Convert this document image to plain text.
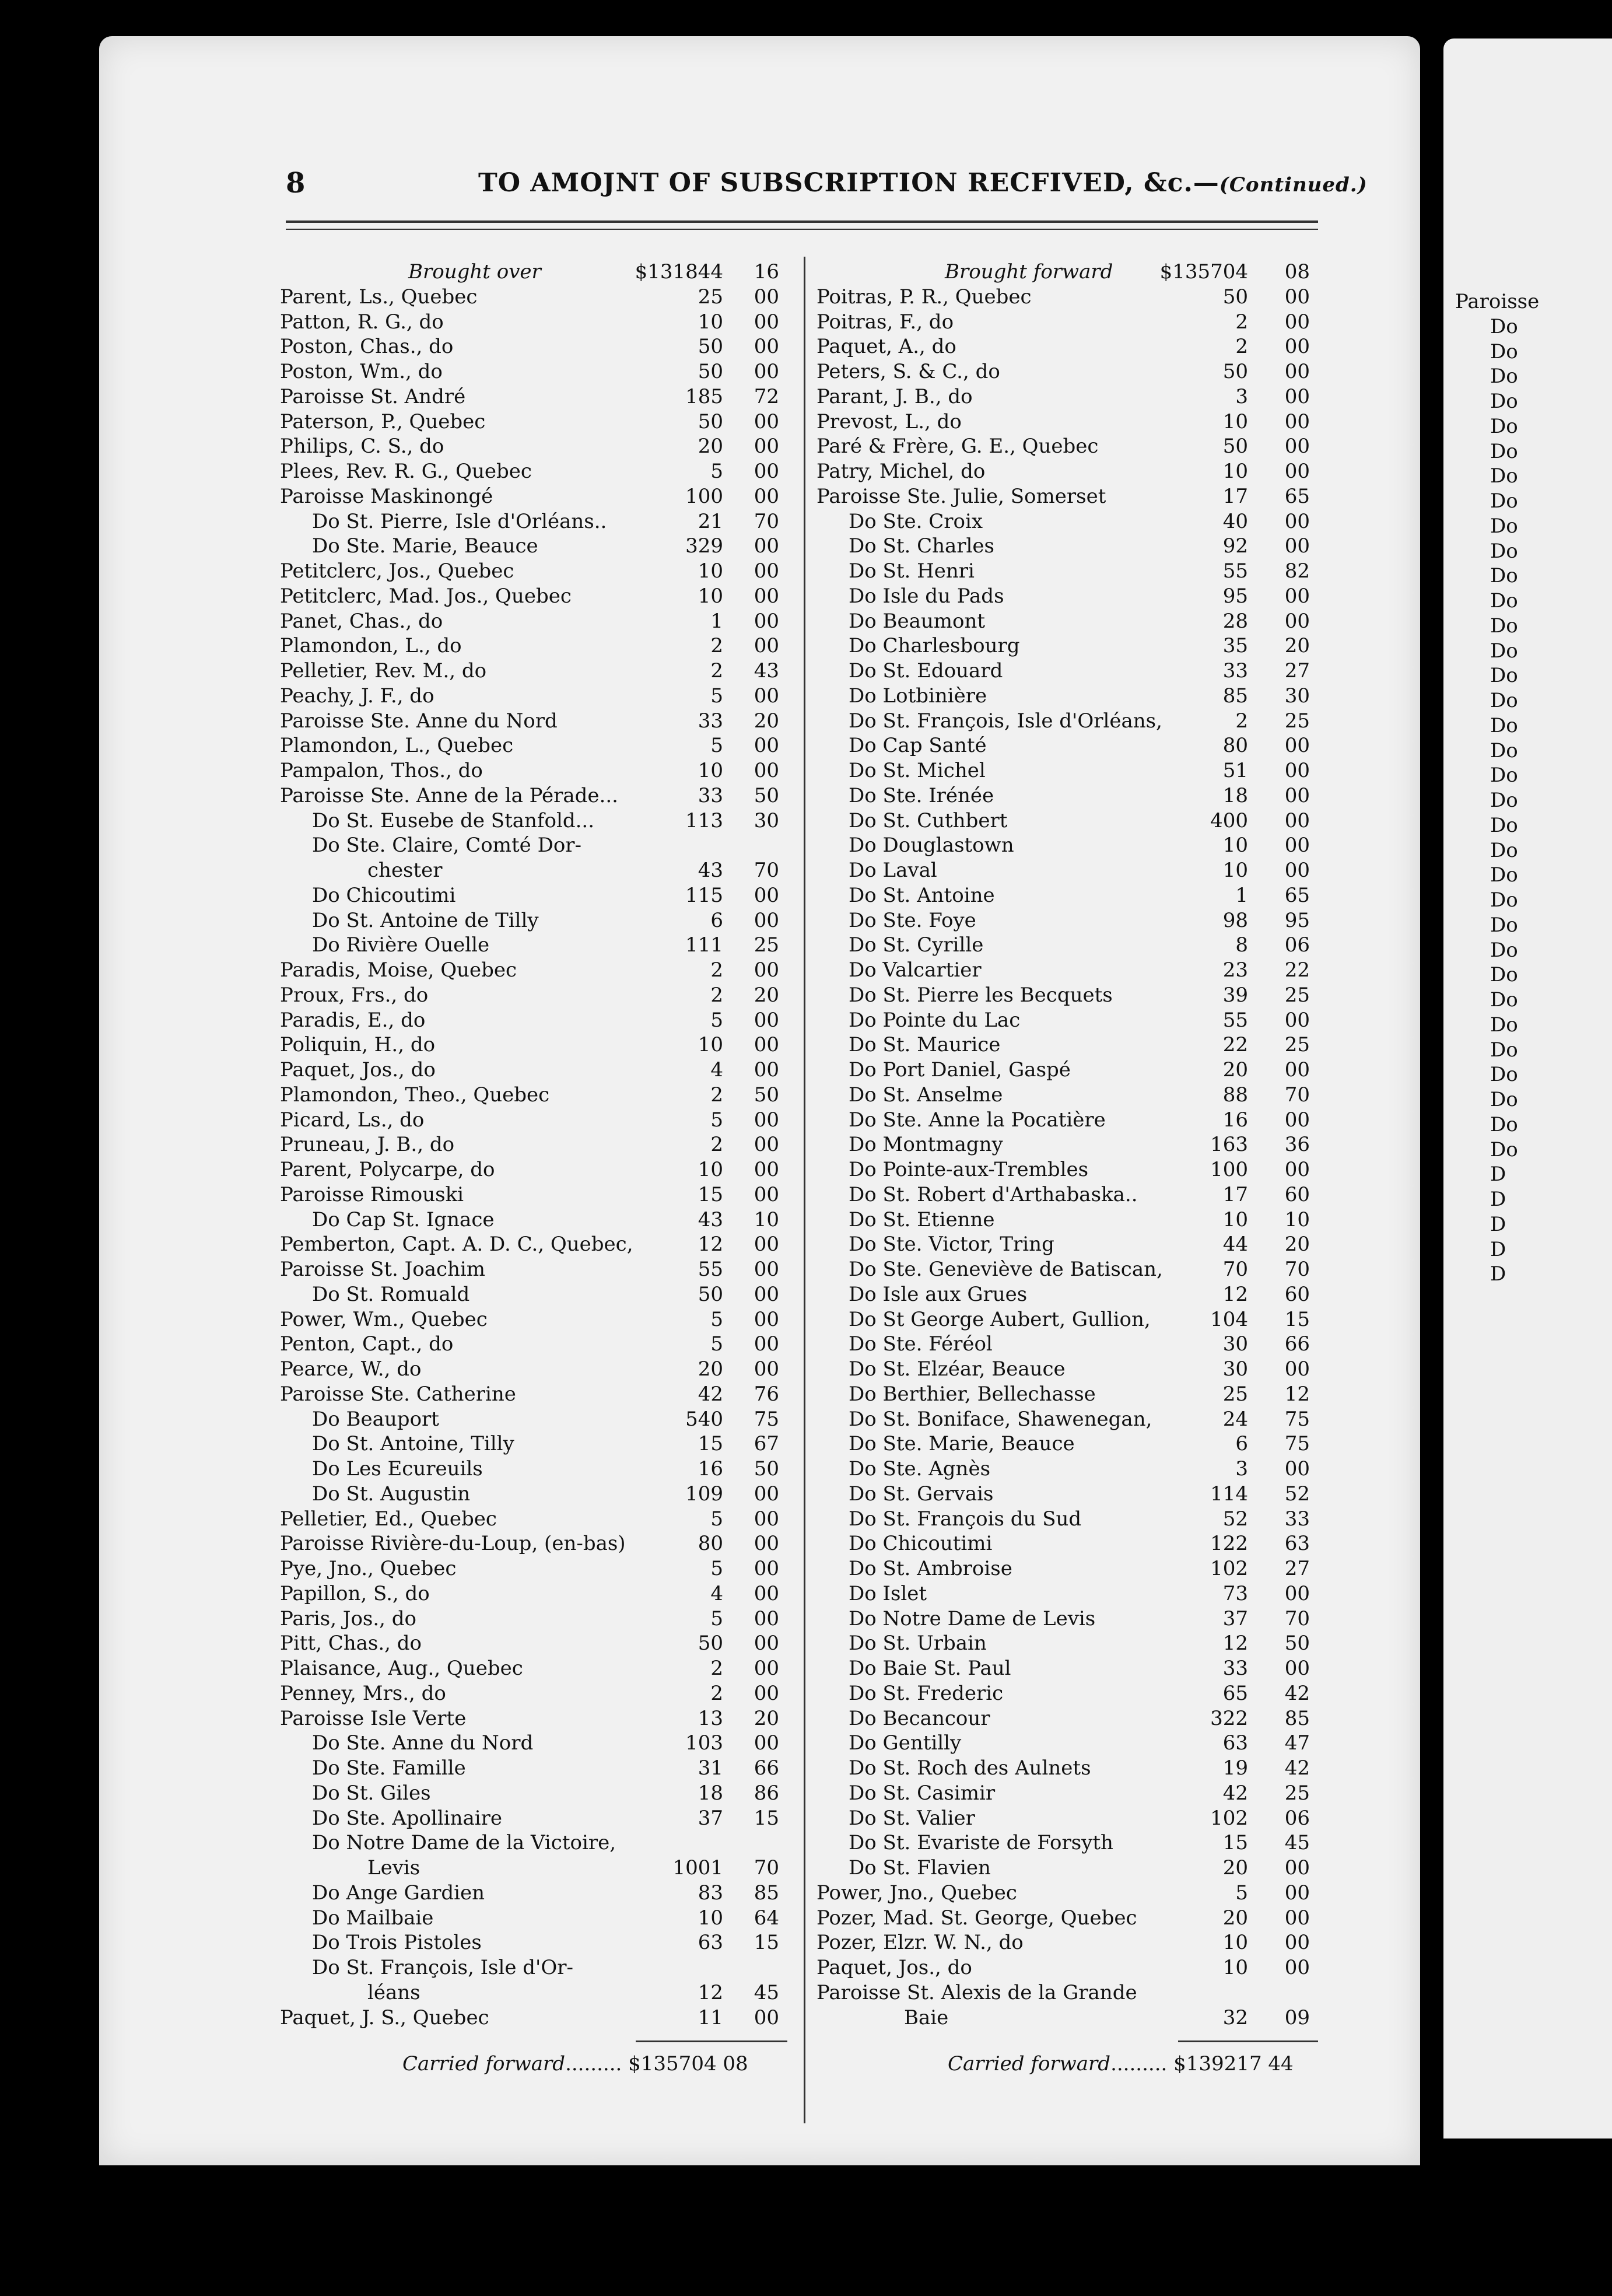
Paroisse
Do
Do
Do
Do
Do
Do
Do
Do
Do
Do
Do
Do
Do
Do
Do
Do
Do
Do
Do
Do
Do
Do
Do
Do
Do
Do
Do
Do
Do
Do
Do
Do
Do
Do
D
D
D
D
D
8	TO AMOJNT OF SUBSCRIPTION RECFIVED, &c.—(Continued.)
Brought over	$131844	16
Parent, Ls., Quebec	25	00
Patton, R. G., do	10	00
Poston, Chas., do	50	00
Poston, Wm., do	50	00
Paroisse St. André	185	72
Paterson, P., Quebec	50	00
Philips, C. S., do	20	00
Plees, Rev. R. G., Quebec	5	00
Paroisse Maskinongé	100	00
Do St. Pierre, Isle d'Orléans..	21	70
Do Ste. Marie, Beauce	329	00
Petitclerc, Jos., Quebec	10	00
Petitclerc, Mad. Jos., Quebec	10	00
Panet, Chas., do	1	00
Plamondon, L., do	2	00
Pelletier, Rev. M., do	2	43
Peachy, J. F., do	5	00
Paroisse Ste. Anne du Nord	33	20
Plamondon, L., Quebec	5	00
Pampalon, Thos., do	10	00
Paroisse Ste. Anne de la Pérade...	33	50
Do St. Eusebe de Stanfold...	113	30
Do Ste. Claire, Comté Dor-
chester	43	70
Do Chicoutimi	115	00
Do St. Antoine de Tilly	6	00
Do Rivière Ouelle	111	25
Paradis, Moise, Quebec	2	00
Proux, Frs., do	2	20
Paradis, E., do	5	00
Poliquin, H., do	10	00
Paquet, Jos., do	4	00
Plamondon, Theo., Quebec	2	50
Picard, Ls., do	5	00
Pruneau, J. B., do	2	00
Parent, Polycarpe, do	10	00
Paroisse Rimouski	15	00
Do Cap St. Ignace	43	10
Pemberton, Capt. A. D. C., Quebec,	12	00
Paroisse St. Joachim	55	00
Do St. Romuald	50	00
Power, Wm., Quebec	5	00
Penton, Capt., do	5	00
Pearce, W., do	20	00
Paroisse Ste. Catherine	42	76
Do Beauport	540	75
Do St. Antoine, Tilly	15	67
Do Les Ecureuils	16	50
Do St. Augustin	109	00
Pelletier, Ed., Quebec	5	00
Paroisse Rivière-du-Loup, (en-bas)	80	00
Pye, Jno., Quebec	5	00
Papillon, S., do	4	00
Paris, Jos., do	5	00
Pitt, Chas., do	50	00
Plaisance, Aug., Quebec	2	00
Penney, Mrs., do	2	00
Paroisse Isle Verte	13	20
Do Ste. Anne du Nord	103	00
Do Ste. Famille	31	66
Do St. Giles	18	86
Do Ste. Apollinaire	37	15
Do Notre Dame de la Victoire,
Levis	1001	70
Do Ange Gardien	83	85
Do Mailbaie	10	64
Do Trois Pistoles	63	15
Do St. François, Isle d'Or-
léans	12	45
Paquet, J. S., Quebec	11	00
Brought forward	$135704	08
Poitras, P. R., Quebec	50	00
Poitras, F., do	2	00
Paquet, A., do	2	00
Peters, S. & C., do	50	00
Parant, J. B., do	3	00
Prevost, L., do	10	00
Paré & Frère, G. E., Quebec	50	00
Patry, Michel, do	10	00
Paroisse Ste. Julie, Somerset	17	65
Do Ste. Croix	40	00
Do St. Charles	92	00
Do St. Henri	55	82
Do Isle du Pads	95	00
Do Beaumont	28	00
Do Charlesbourg	35	20
Do St. Edouard	33	27
Do Lotbinière	85	30
Do St. François, Isle d'Orléans,	2	25
Do Cap Santé	80	00
Do St. Michel	51	00
Do Ste. Irénée	18	00
Do St. Cuthbert	400	00
Do Douglastown	10	00
Do Laval	10	00
Do St. Antoine	1	65
Do Ste. Foye	98	95
Do St. Cyrille	8	06
Do Valcartier	23	22
Do St. Pierre les Becquets	39	25
Do Pointe du Lac	55	00
Do St. Maurice	22	25
Do Port Daniel, Gaspé	20	00
Do St. Anselme	88	70
Do Ste. Anne la Pocatière	16	00
Do Montmagny	163	36
Do Pointe-aux-Trembles	100	00
Do St. Robert d'Arthabaska..	17	60
Do St. Etienne	10	10
Do Ste. Victor, Tring	44	20
Do Ste. Geneviève de Batiscan,	70	70
Do Isle aux Grues	12	60
Do St George Aubert, Gullion,	104	15
Do Ste. Féréol	30	66
Do St. Elzéar, Beauce	30	00
Do Berthier, Bellechasse	25	12
Do St. Boniface, Shawenegan,	24	75
Do Ste. Marie, Beauce	6	75
Do Ste. Agnès	3	00
Do St. Gervais	114	52
Do St. François du Sud	52	33
Do Chicoutimi	122	63
Do St. Ambroise	102	27
Do Islet	73	00
Do Notre Dame de Levis	37	70
Do St. Urbain	12	50
Do Baie St. Paul	33	00
Do St. Frederic	65	42
Do Becancour	322	85
Do Gentilly	63	47
Do St. Roch des Aulnets	19	42
Do St. Casimir	42	25
Do St. Valier	102	06
Do St. Evariste de Forsyth	15	45
Do St. Flavien	20	00
Power, Jno., Quebec	5	00
Pozer, Mad. St. George, Quebec	20	00
Pozer, Elzr. W. N., do	10	00
Paquet, Jos., do	10	00
Paroisse St. Alexis de la Grande
Baie	32	09
Carried forward......... $135704 08	Carried forward......... $139217 44
